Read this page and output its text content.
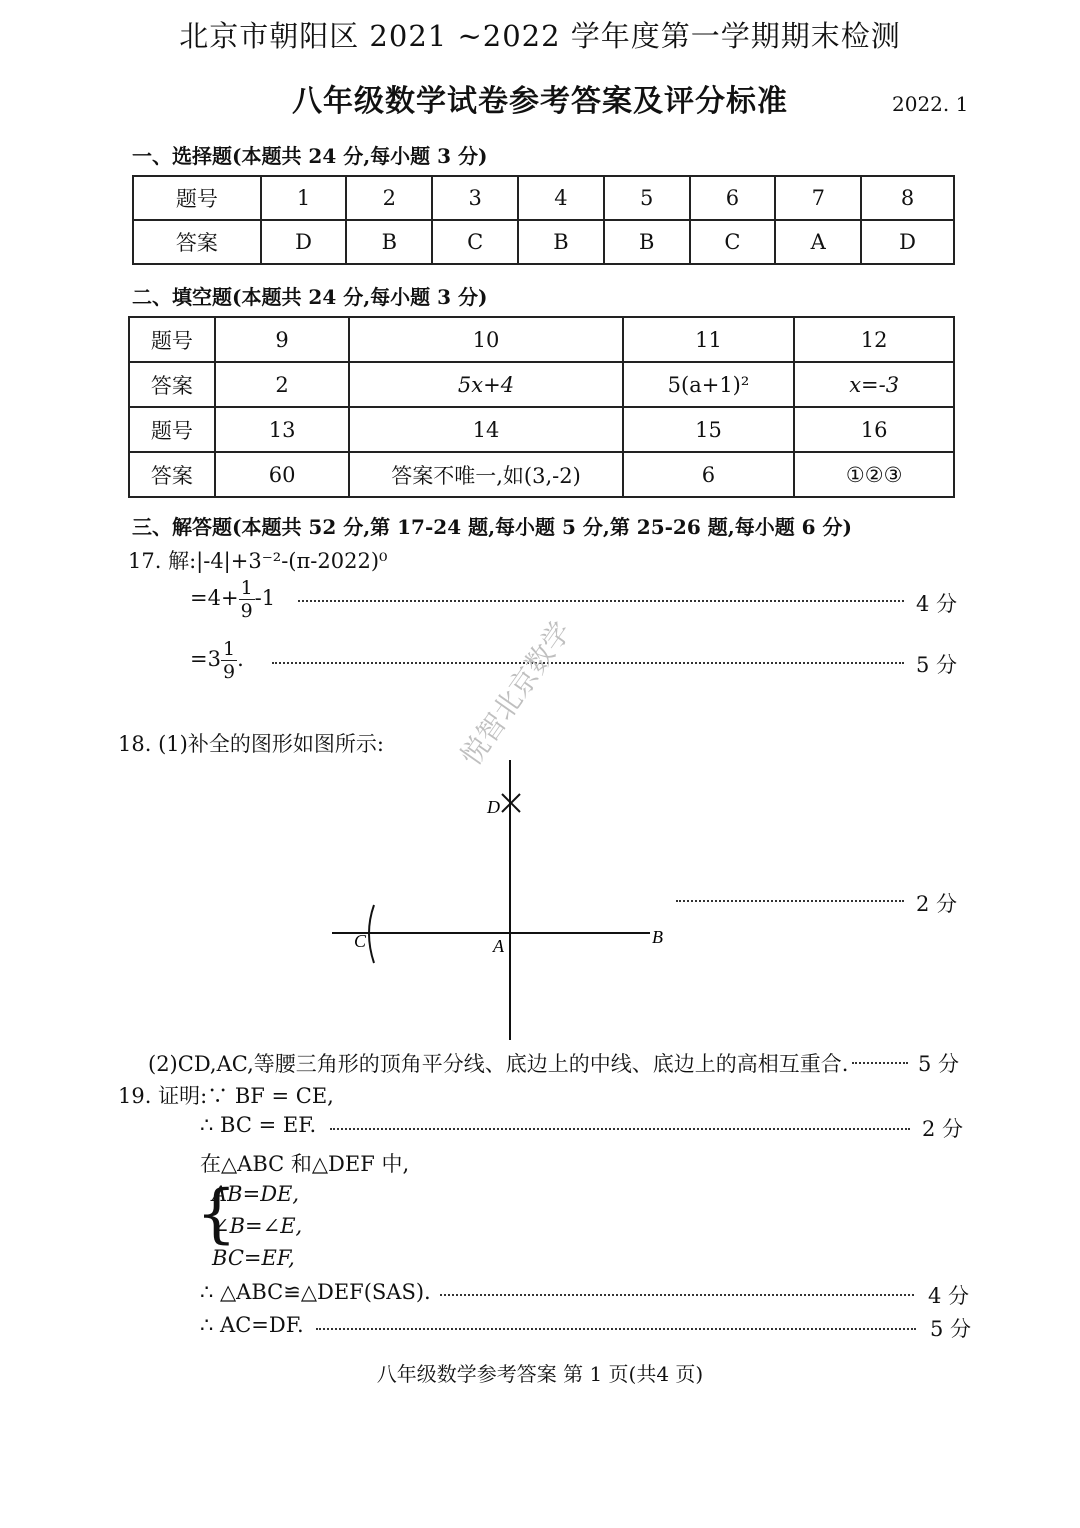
北京市朝阳区 2021 ~2022 学年度第一学期期末检测
八年级数学试卷参考答案及评分标准	2022. 1
一、选择题(本题共 24 分,每小题 3 分)
题号	1	2	3	4	5	6	7	8
答案	D	B	C	B	B	C	A	D
二、填空题(本题共 24 分,每小题 3 分)
题号	9	10	11	12
答案	2	5x+4	5(a+1)²	x=-3
题号	13	14	15	16
答案	60	答案不唯一,如(3,-2)	6	①②③
三、解答题(本题共 52 分,第 17-24 题,每小题 5 分,第 25-26 题,每小题 6 分)
17. 解:|-4|+3⁻²-(π-2022)⁰
$=4+ \frac{1}{9} -1$	4 分
$=3 \frac{1}{9}$ .	5 分
18. (1)补全的图形如图所示:
D
C	A	B
2 分
(2)CD,AC,等腰三角形的顶角平分线、底边上的中线、底边上的高相互重合.	5 分
19. 证明:∵ BF = CE,
∴ BC = EF.	2 分
在△ABC 和△DEF 中,
{
AB=DE,
∠B=∠E,
BC=EF,
∴ △ABC≌△DEF(SAS).	4 分
∴ AC=DF.	5 分
悦智北京数学
八年级数学参考答案 第 1 页(共4 页)
